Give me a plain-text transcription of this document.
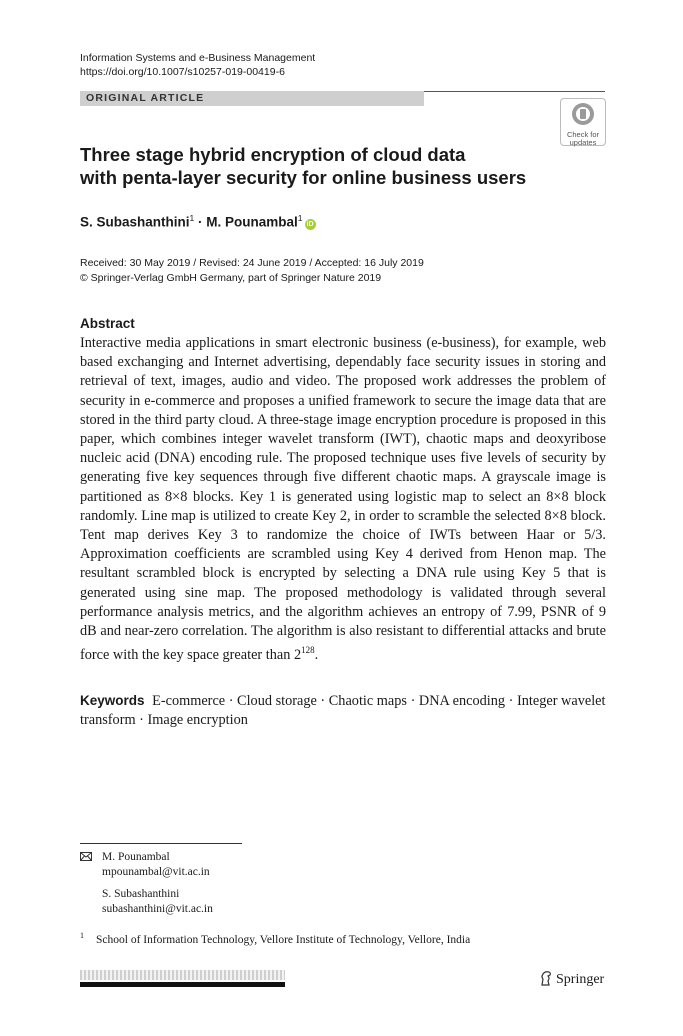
Information Systems and e-Business Management
https://doi.org/10.1007/s10257-019-00419-6
ORIGINAL ARTICLE
Check for
updates
Three stage hybrid encryption of cloud data
with penta-layer security for online business users
S. Subashanthini$^1$ · M. Pounambal$^1$iD
Received: 30 May 2019 / Revised: 24 June 2019 / Accepted: 16 July 2019
© Springer-Verlag GmbH Germany, part of Springer Nature 2019
Abstract
Interactive media applications in smart electronic business (e-business), for example, web based exchanging and Internet advertising, dependably face security issues in storing and retrieval of text, images, audio and video. The proposed work addresses the problem of security in e-commerce and proposes a unified framework to secure the image data that are stored in the third party cloud. A three-stage image encryption procedure is proposed in this paper, which combines integer wavelet transform (IWT), chaotic maps and deoxyribose nucleic acid (DNA) encoding rule. The proposed technique uses five levels of security by generating five key sequences through five different chaotic maps. A grayscale image is partitioned as 8×8 blocks. Key 1 is generated using logistic map to select an 8×8 block randomly. Line map is utilized to create Key 2, in order to scramble the selected 8×8 block. Tent map derives Key 3 to randomize the choice of IWTs between Haar or 5/3. Approximation coefficients are scrambled using Key 4 derived from Henon map. The resultant scrambled block is encrypted by selecting a DNA rule using Key 5 that is generated using sine map. The proposed methodology is validated through several performance analysis metrics, and the algorithm achieves an entropy of 7.99, PSNR of 9 dB and near-zero correlation. The algorithm is also resistant to differential attacks and brute force with the key space greater than $2^{128}$.
Keywords E-commerce · Cloud storage · Chaotic maps · DNA encoding · Integer wavelet transform · Image encryption
M. Pounambal
mpounambal@vit.ac.in
S. Subashanthini
subashanthini@vit.ac.in
$^1$ School of Information Technology, Vellore Institute of Technology, Vellore, India
Springer
